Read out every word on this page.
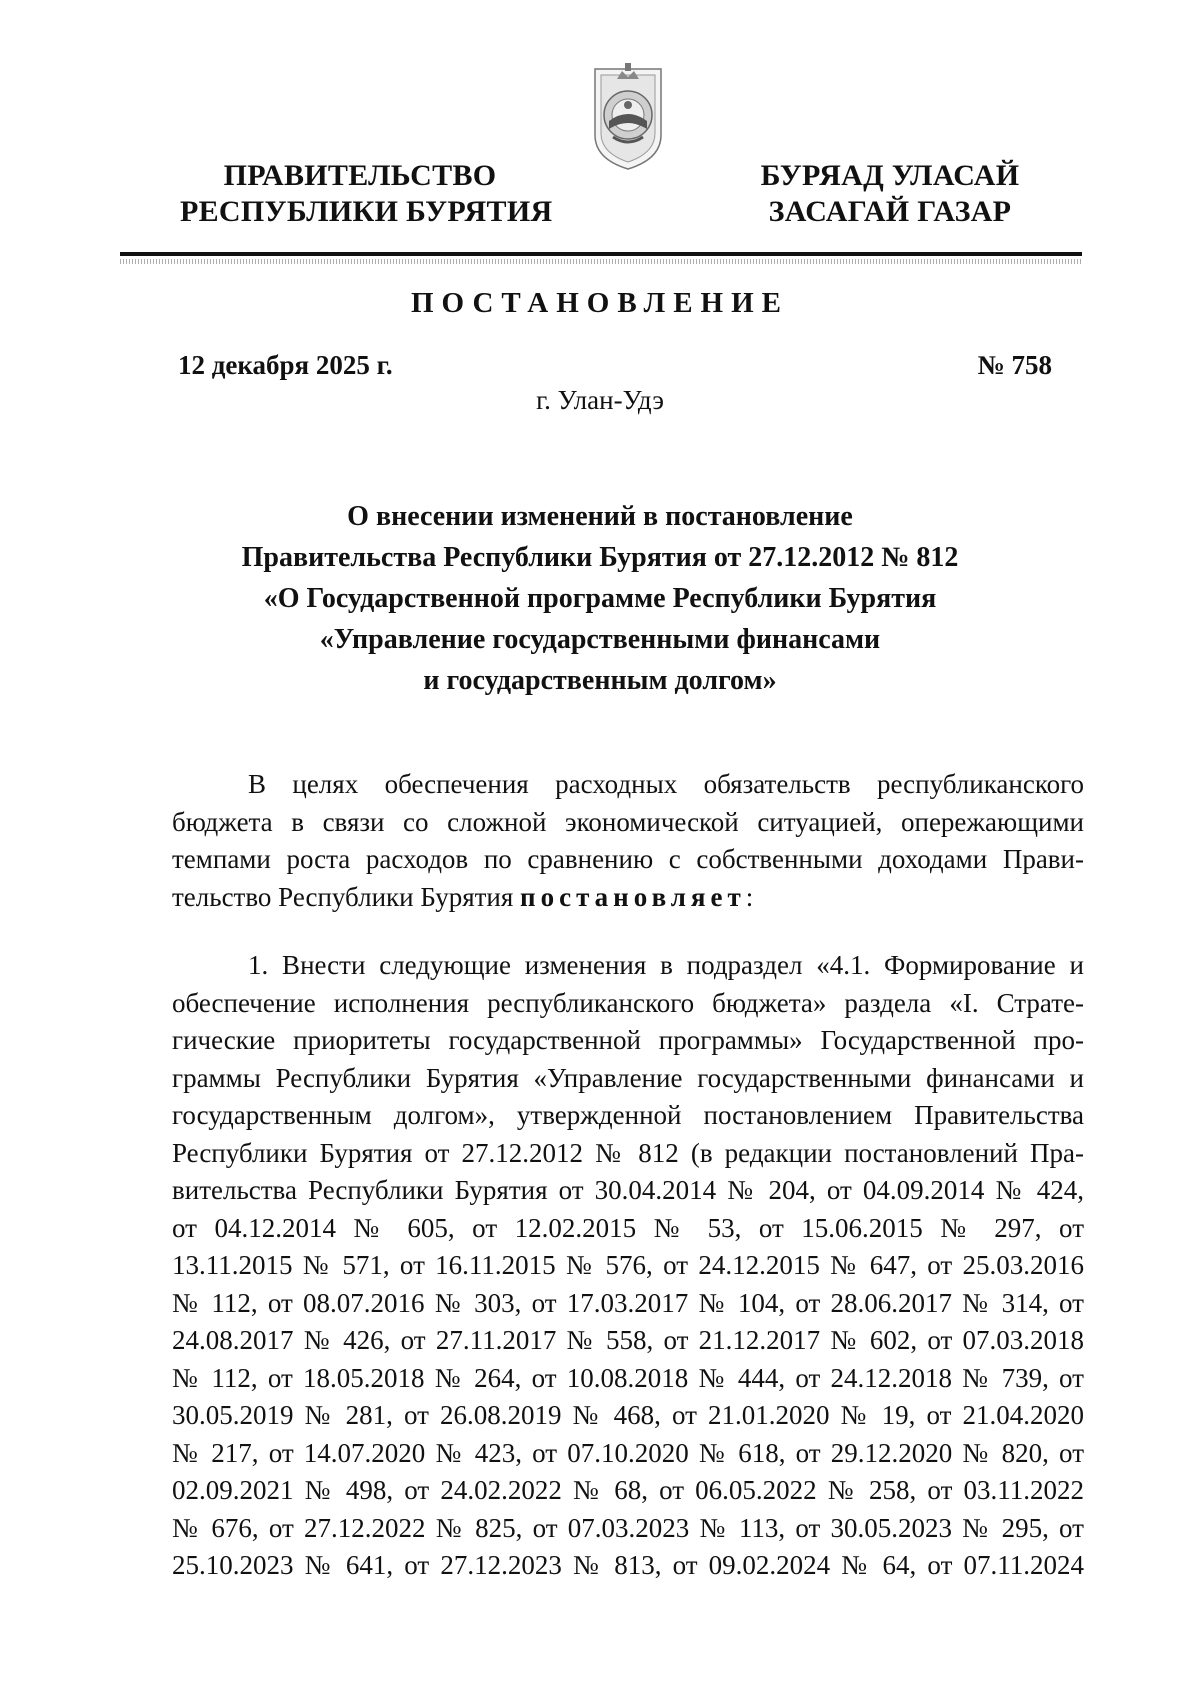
ПРАВИТЕЛЬСТВО
РЕСПУБЛИКИ БУРЯТИЯ
БУРЯАД УЛАСАЙ
ЗАСАГАЙ ГАЗАР
ПОСТАНОВЛЕНИЕ
12 декабря 2025 г.	№ 758
г. Улан-Удэ
О внесении изменений в постановление
Правительства Республики Бурятия от 27.12.2012 № 812
«О Государственной программе Республики Бурятия
«Управление государственными финансами
и государственным долгом»
В целях обеспечения расходных обязательств республиканского
бюджета в связи со сложной экономической ситуацией, опережающими
темпами роста расходов по сравнению с собственными доходами Прави-
тельство Республики Бурятия постановляет:
1. Внести следующие изменения в подраздел «4.1. Формирование и
обеспечение исполнения республиканского бюджета» раздела «I. Страте-
гические приоритеты государственной программы» Государственной про-
граммы Республики Бурятия «Управление государственными финансами и
государственным долгом», утвержденной постановлением Правительства
Республики Бурятия от 27.12.2012 № 812 (в редакции постановлений Пра-
вительства Республики Бурятия от 30.04.2014 № 204, от 04.09.2014 № 424,
от 04.12.2014 № 605, от 12.02.2015 № 53, от 15.06.2015 № 297, от
13.11.2015 № 571, от 16.11.2015 № 576, от 24.12.2015 № 647, от 25.03.2016
№ 112, от 08.07.2016 № 303, от 17.03.2017 № 104, от 28.06.2017 № 314, от
24.08.2017 № 426, от 27.11.2017 № 558, от 21.12.2017 № 602, от 07.03.2018
№ 112, от 18.05.2018 № 264, от 10.08.2018 № 444, от 24.12.2018 № 739, от
30.05.2019 № 281, от 26.08.2019 № 468, от 21.01.2020 № 19, от 21.04.2020
№ 217, от 14.07.2020 № 423, от 07.10.2020 № 618, от 29.12.2020 № 820, от
02.09.2021 № 498, от 24.02.2022 № 68, от 06.05.2022 № 258, от 03.11.2022
№ 676, от 27.12.2022 № 825, от 07.03.2023 № 113, от 30.05.2023 № 295, от
25.10.2023 № 641, от 27.12.2023 № 813, от 09.02.2024 № 64, от 07.11.2024
